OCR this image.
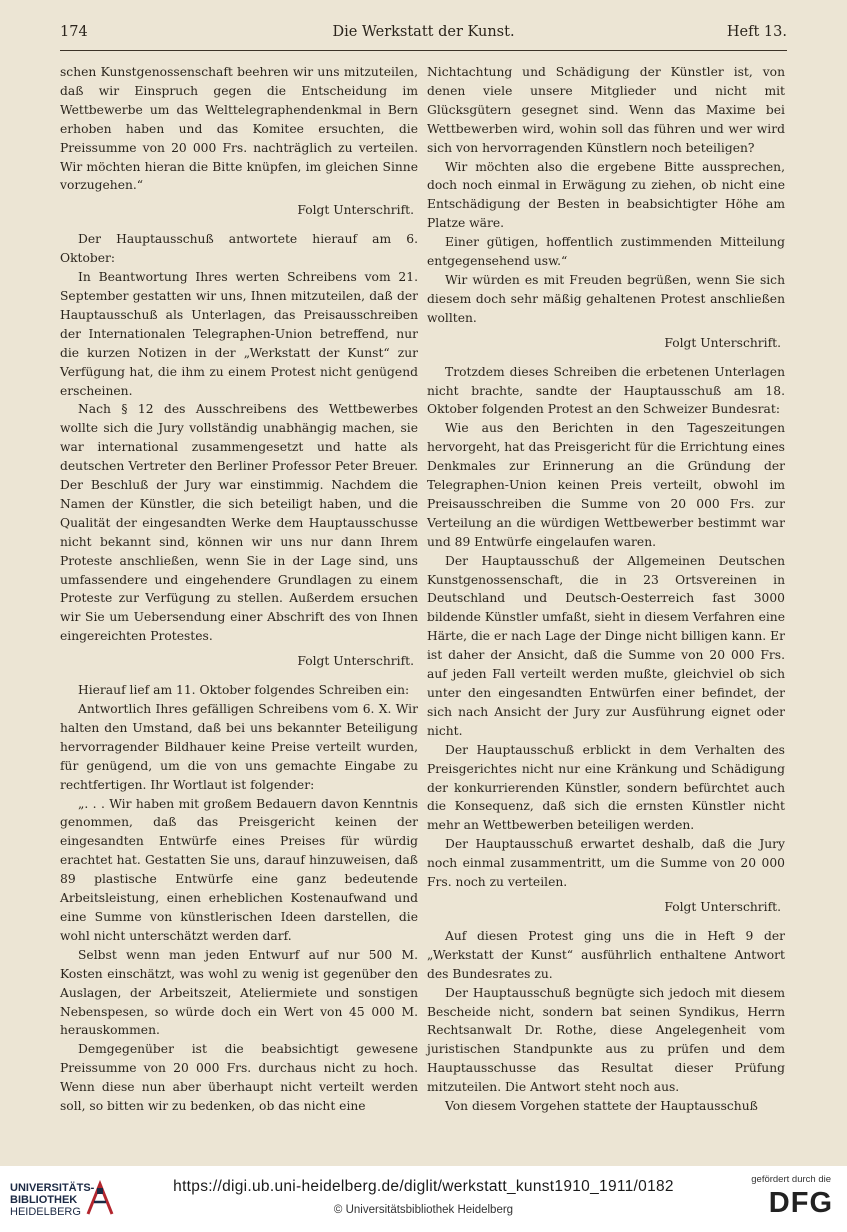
174	Die Werkstatt der Kunst.	Heft 13.

schen Kunstgenossenschaft beehren wir uns mitzuteilen, daß wir Einspruch gegen die Entscheidung im Wettbewerbe um das Welttelegraphendenkmal in Bern erhoben haben und das Komitee ersuchten, die Preissumme von 20 000 Frs. nachträglich zu verteilen. Wir möchten hieran die Bitte knüpfen, im gleichen Sinne vorzugehen.“

Folgt Unterschrift.

Der Hauptausschuß antwortete hierauf am 6. Oktober:

In Beantwortung Ihres werten Schreibens vom 21. September gestatten wir uns, Ihnen mitzuteilen, daß der Hauptausschuß als Unterlagen, das Preisausschreiben der Internationalen Telegraphen-Union betreffend, nur die kurzen Notizen in der „Werkstatt der Kunst“ zur Verfügung hat, die ihm zu einem Protest nicht genügend erscheinen.

Nach § 12 des Ausschreibens des Wettbewerbes wollte sich die Jury vollständig unabhängig machen, sie war international zusammengesetzt und hatte als deutschen Vertreter den Berliner Professor Peter Breuer. Der Beschluß der Jury war einstimmig. Nachdem die Namen der Künstler, die sich beteiligt haben, und die Qualität der eingesandten Werke dem Hauptausschusse nicht bekannt sind, können wir uns nur dann Ihrem Proteste anschließen, wenn Sie in der Lage sind, uns umfassendere und eingehendere Grundlagen zu einem Proteste zur Verfügung zu stellen. Außerdem ersuchen wir Sie um Uebersendung einer Abschrift des von Ihnen eingereichten Protestes.

Folgt Unterschrift.

Hierauf lief am 11. Oktober folgendes Schreiben ein:

Antwortlich Ihres gefälligen Schreibens vom 6. X. Wir halten den Umstand, daß bei uns bekannter Beteiligung hervorragender Bildhauer keine Preise verteilt wurden, für genügend, um die von uns gemachte Eingabe zu rechtfertigen. Ihr Wortlaut ist folgender:

„. . . Wir haben mit großem Bedauern davon Kenntnis genommen, daß das Preisgericht keinen der eingesandten Entwürfe eines Preises für würdig erachtet hat. Gestatten Sie uns, darauf hinzuweisen, daß 89 plastische Entwürfe eine ganz bedeutende Arbeitsleistung, einen erheblichen Kostenaufwand und eine Summe von künstlerischen Ideen darstellen, die wohl nicht unterschätzt werden darf.

Selbst wenn man jeden Entwurf auf nur 500 M. Kosten einschätzt, was wohl zu wenig ist gegenüber den Auslagen, der Arbeitszeit, Ateliermiete und sonstigen Nebenspesen, so würde doch ein Wert von 45 000 M. herauskommen.

Demgegenüber ist die beabsichtigt gewesene Preissumme von 20 000 Frs. durchaus nicht zu hoch. Wenn diese nun aber überhaupt nicht verteilt werden soll, so bitten wir zu bedenken, ob das nicht eine

Nichtachtung und Schädigung der Künstler ist, von denen viele unsere Mitglieder und nicht mit Glücksgütern gesegnet sind. Wenn das Maxime bei Wettbewerben wird, wohin soll das führen und wer wird sich von hervorragenden Künstlern noch beteiligen?

Wir möchten also die ergebene Bitte aussprechen, doch noch einmal in Erwägung zu ziehen, ob nicht eine Entschädigung der Besten in beabsichtigter Höhe am Platze wäre.

Einer gütigen, hoffentlich zustimmenden Mitteilung entgegensehend usw.“

Wir würden es mit Freuden begrüßen, wenn Sie sich diesem doch sehr mäßig gehaltenen Protest anschließen wollten.

Folgt Unterschrift.

Trotzdem dieses Schreiben die erbetenen Unterlagen nicht brachte, sandte der Hauptausschuß am 18. Oktober folgenden Protest an den Schweizer Bundesrat:

Wie aus den Berichten in den Tageszeitungen hervorgeht, hat das Preisgericht für die Errichtung eines Denkmales zur Erinnerung an die Gründung der Telegraphen-Union keinen Preis verteilt, obwohl im Preisausschreiben die Summe von 20 000 Frs. zur Verteilung an die würdigen Wettbewerber bestimmt war und 89 Entwürfe eingelaufen waren.

Der Hauptausschuß der Allgemeinen Deutschen Kunstgenossenschaft, die in 23 Ortsvereinen in Deutschland und Deutsch-Oesterreich fast 3000 bildende Künstler umfaßt, sieht in diesem Verfahren eine Härte, die er nach Lage der Dinge nicht billigen kann. Er ist daher der Ansicht, daß die Summe von 20 000 Frs. auf jeden Fall verteilt werden mußte, gleichviel ob sich unter den eingesandten Entwürfen einer befindet, der sich nach Ansicht der Jury zur Ausführung eignet oder nicht.

Der Hauptausschuß erblickt in dem Verhalten des Preisgerichtes nicht nur eine Kränkung und Schädigung der konkurrierenden Künstler, sondern befürchtet auch die Konsequenz, daß sich die ernsten Künstler nicht mehr an Wettbewerben beteiligen werden.

Der Hauptausschuß erwartet deshalb, daß die Jury noch einmal zusammentritt, um die Summe von 20 000 Frs. noch zu verteilen.

Folgt Unterschrift.

Auf diesen Protest ging uns die in Heft 9 der „Werkstatt der Kunst“ ausführlich enthaltene Antwort des Bundesrates zu.

Der Hauptausschuß begnügte sich jedoch mit diesem Bescheide nicht, sondern bat seinen Syndikus, Herrn Rechtsanwalt Dr. Rothe, diese Angelegenheit vom juristischen Standpunkte aus zu prüfen und dem Hauptausschusse das Resultat dieser Prüfung mitzuteilen. Die Antwort steht noch aus.

Von diesem Vorgehen stattete der Hauptausschuß

UNIVERSITÄTS-
BIBLIOTHEK
HEIDELBERG
https://digi.ub.uni-heidelberg.de/diglit/werkstatt_kunst1910_1911/0182
© Universitätsbibliothek Heidelberg
gefördert durch die
DFG
